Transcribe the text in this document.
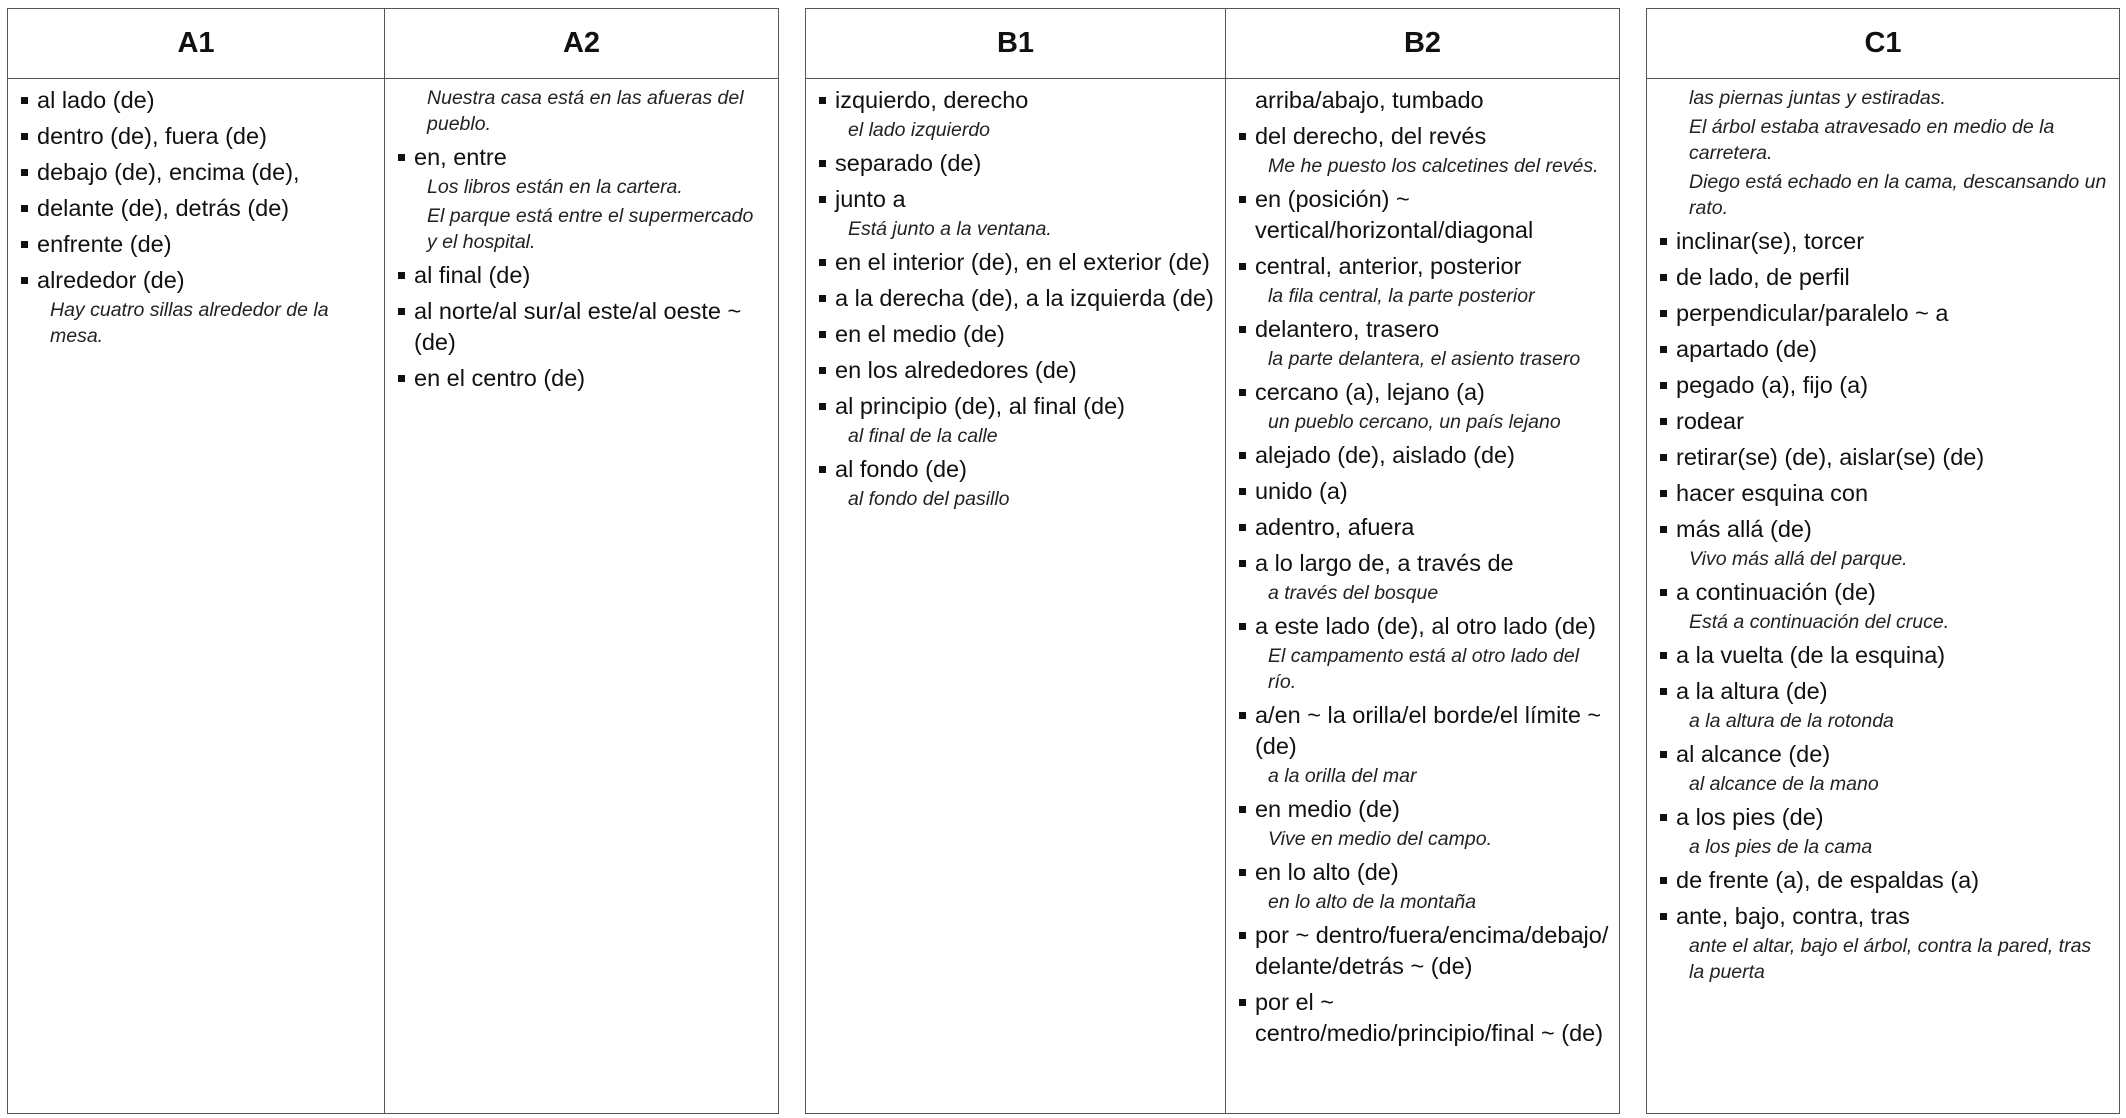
A1
al lado (de)
dentro (de), fuera (de)
debajo (de), encima (de),
delante (de), detrás (de)
enfrente (de)
alrededor (de)
Hay cuatro sillas alrededor de la mesa.
A2
Nuestra casa está en las afueras del pueblo.
en, entre
Los libros están en la cartera.
El parque está entre el supermercado y el hospital.
al final (de)
al norte/al sur/al este/al oeste ~ (de)
en el centro (de)
B1
izquierdo, derecho
el lado izquierdo
separado (de)
junto a
Está junto a la ventana.
en el interior (de), en el exterior (de)
a la derecha (de), a la izquierda (de)
en el medio (de)
en los alrededores (de)
al principio (de), al final (de)
al final de la calle
al fondo (de)
al fondo del pasillo
B2
arriba/abajo, tumbado
del derecho, del revés
Me he puesto los calcetines del revés.
en (posición) ~ vertical/horizontal/diagonal
central, anterior, posterior
la fila central, la parte posterior
delantero, trasero
la parte delantera, el asiento trasero
cercano (a), lejano (a)
un pueblo cercano, un país lejano
alejado (de), aislado (de)
unido (a)
adentro, afuera
a lo largo de, a través de
a través del bosque
a este lado (de), al otro lado (de)
El campamento está al otro lado del río.
a/en ~ la orilla/el borde/el límite ~ (de)
a la orilla del mar
en medio (de)
Vive en medio del campo.
en lo alto (de)
en lo alto de la montaña
por ~ dentro/fuera/encima/debajo/ delante/detrás ~ (de)
por el ~ centro/medio/principio/final ~ (de)
C1
las piernas juntas y estiradas.
El árbol estaba atravesado en medio de la carretera.
Diego está echado en la cama, descansando un rato.
inclinar(se), torcer
de lado, de perfil
perpendicular/paralelo ~ a
apartado (de)
pegado (a), fijo (a)
rodear
retirar(se) (de), aislar(se) (de)
hacer esquina con
más allá (de)
Vivo más allá del parque.
a continuación (de)
Está a continuación del cruce.
a la vuelta (de la esquina)
a la altura (de)
a la altura de la rotonda
al alcance (de)
al alcance de la mano
a los pies (de)
a los pies de la cama
de frente (a), de espaldas (a)
ante, bajo, contra, tras
ante el altar, bajo el árbol, contra la pared, tras la puerta
